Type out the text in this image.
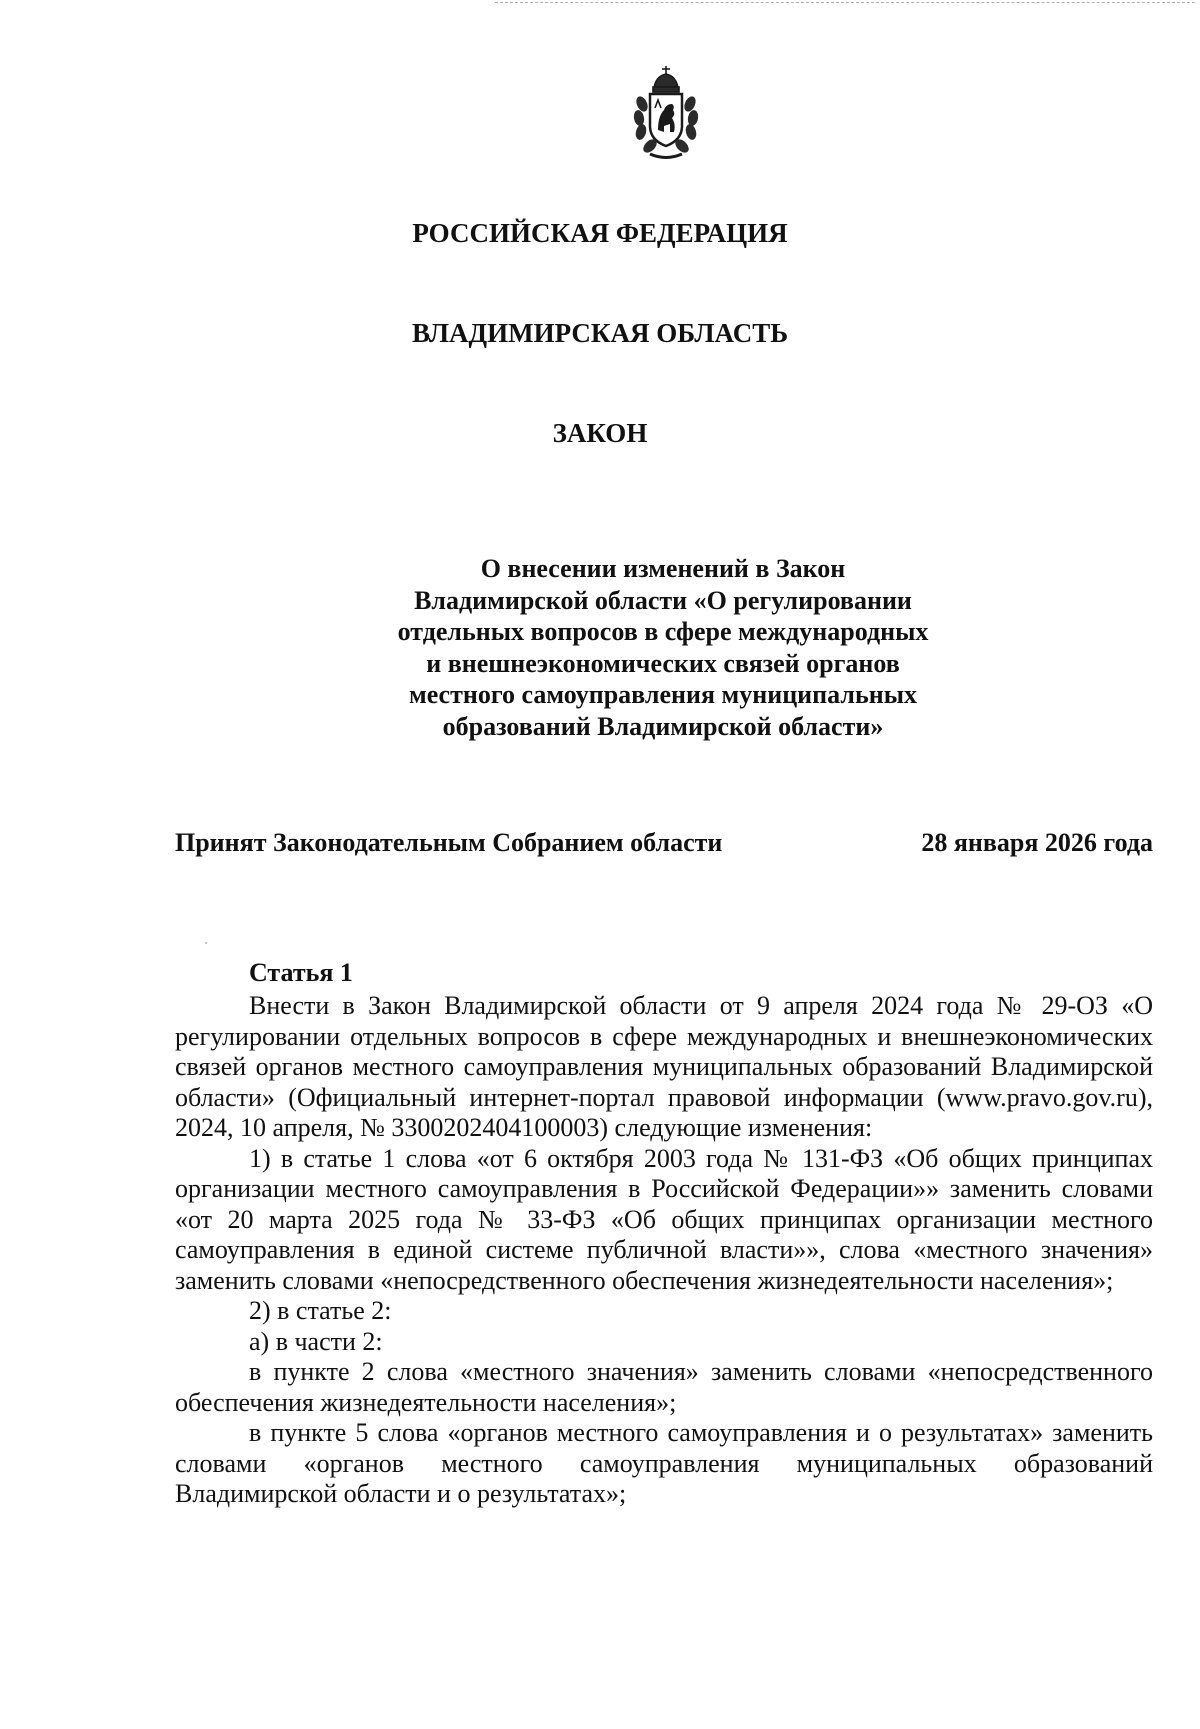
РОССИЙСКАЯ ФЕДЕРАЦИЯ
ВЛАДИМИРСКАЯ ОБЛАСТЬ
ЗАКОН
О внесении изменений в Закон
Владимирской области «О регулировании
отдельных вопросов в сфере международных
и внешнеэкономических связей органов
местного самоуправления муниципальных
образований Владимирской области»
Принят Законодательным Собранием области	28 января 2026 года
Статья 1

Внести в Закон Владимирской области от 9 апреля 2024 года № 29-ОЗ «О регулировании отдельных вопросов в сфере международных и внешнеэкономических связей органов местного самоуправления муниципальных образований Владимирской области» (Официальный интернет-портал правовой информации (www.pravo.gov.ru), 2024, 10 апреля, № 3300202404100003) следующие изменения:

1) в статье 1 слова «от 6 октября 2003 года № 131-ФЗ «Об общих принципах организации местного самоуправления в Российской Федерации»» заменить словами «от 20 марта 2025 года № 33-ФЗ «Об общих принципах организации местного самоуправления в единой системе публичной власти»», слова «местного значения» заменить словами «непосредственного обеспечения жизнедеятельности населения»;

2) в статье 2:

а) в части 2:

в пункте 2 слова «местного значения» заменить словами «непосредственного обеспечения жизнедеятельности населения»;

в пункте 5 слова «органов местного самоуправления и о результатах» заменить словами «органов местного самоуправления муниципальных образований Владимирской области и о результатах»;
